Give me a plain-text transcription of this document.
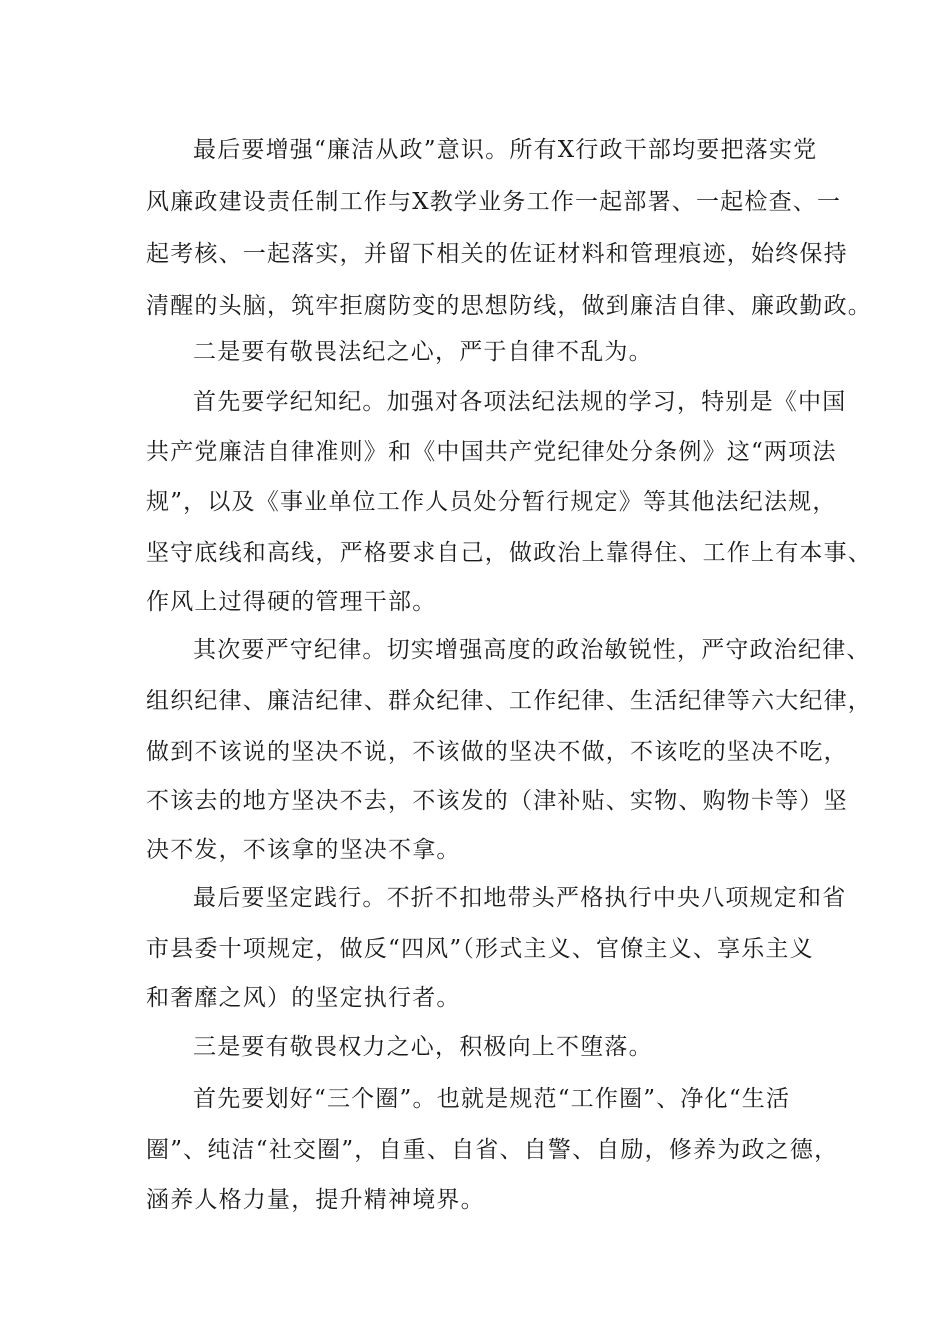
最后要增强“廉洁从政”意识。所有X行政干部均要把落实党
风廉政建设责任制工作与X教学业务工作一起部署、一起检查、一
起考核、一起落实，并留下相关的佐证材料和管理痕迹，始终保持
清醒的头脑，筑牢拒腐防变的思想防线，做到廉洁自律、廉政勤政。
二是要有敬畏法纪之心，严于自律不乱为。
首先要学纪知纪。加强对各项法纪法规的学习，特别是《中国
共产党廉洁自律准则》和《中国共产党纪律处分条例》这“两项法
规”，以及《事业单位工作人员处分暂行规定》等其他法纪法规，
坚守底线和高线，严格要求自己，做政治上靠得住、工作上有本事、
作风上过得硬的管理干部。
其次要严守纪律。切实增强高度的政治敏锐性，严守政治纪律、
组织纪律、廉洁纪律、群众纪律、工作纪律、生活纪律等六大纪律，
做到不该说的坚决不说，不该做的坚决不做，不该吃的坚决不吃，
不该去的地方坚决不去，不该发的（津补贴、实物、购物卡等）坚
决不发，不该拿的坚决不拿。
最后要坚定践行。不折不扣地带头严格执行中央八项规定和省
市县委十项规定，做反“四风”（形式主义、官僚主义、享乐主义
和奢靡之风）的坚定执行者。
三是要有敬畏权力之心，积极向上不堕落。
首先要划好“三个圈”。也就是规范“工作圈”、净化“生活
圈”、纯洁“社交圈”，自重、自省、自警、自励，修养为政之德，
涵养人格力量，提升精神境界。
